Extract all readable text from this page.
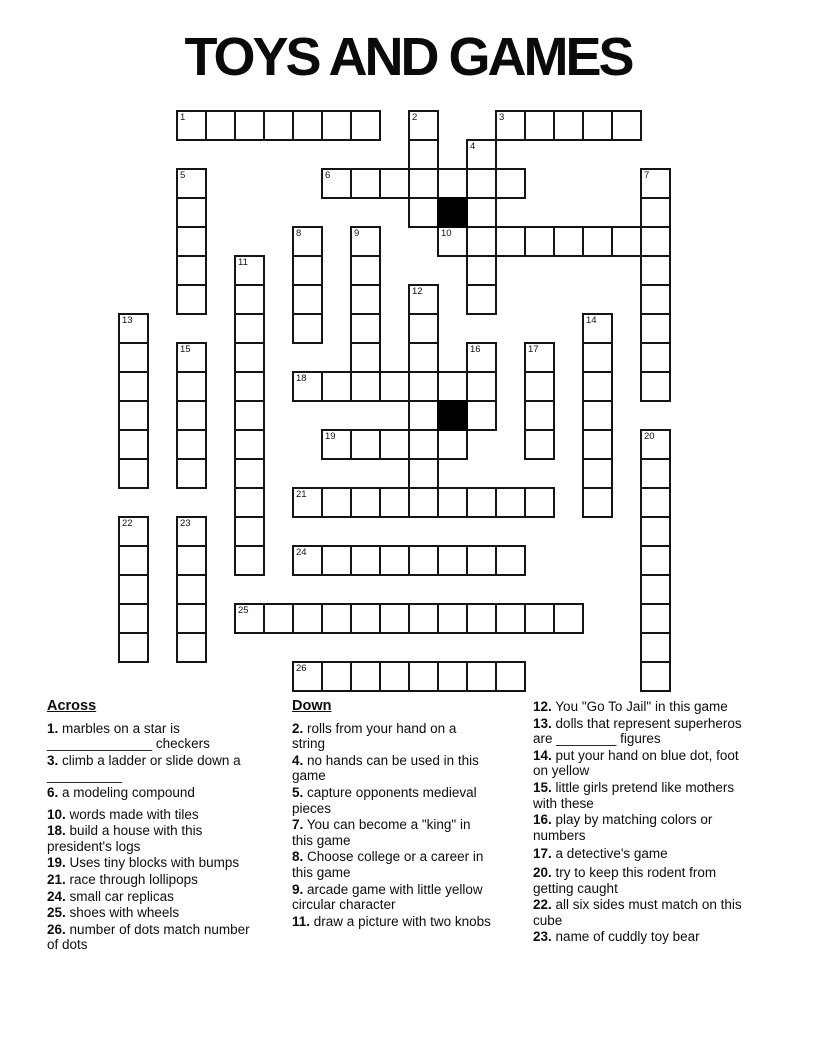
TOYS AND GAMES
1	3
6
10
18
19
21
24
25
26
2
4
5	7
8	9
11
12
13	14
15	16	17
20
22	23

Across

1. marbles on a star is ______________ checkers

3. climb a ladder or slide down a __________

6. a modeling compound

10. words made with tiles

18. build a house with this president's logs

19. Uses tiny blocks with bumps

21. race through lollipops

24. small car replicas

25. shoes with wheels

26. number of dots match number of dots

Down

2. rolls from your hand on a string

4. no hands can be used in this game

5. capture opponents medieval pieces

7. You can become a "king" in this game

8. Choose college or a career in this game

9. arcade game with little yellow circular character

11. draw a picture with two knobs

12. You "Go To Jail" in this game

13. dolls that represent superheros are ________ figures

14. put your hand on blue dot, foot on yellow

15. little girls pretend like mothers with these

16. play by matching colors or numbers

17. a detective's game

20. try to keep this rodent from getting caught

22. all six sides must match on this cube

23. name of cuddly toy bear
